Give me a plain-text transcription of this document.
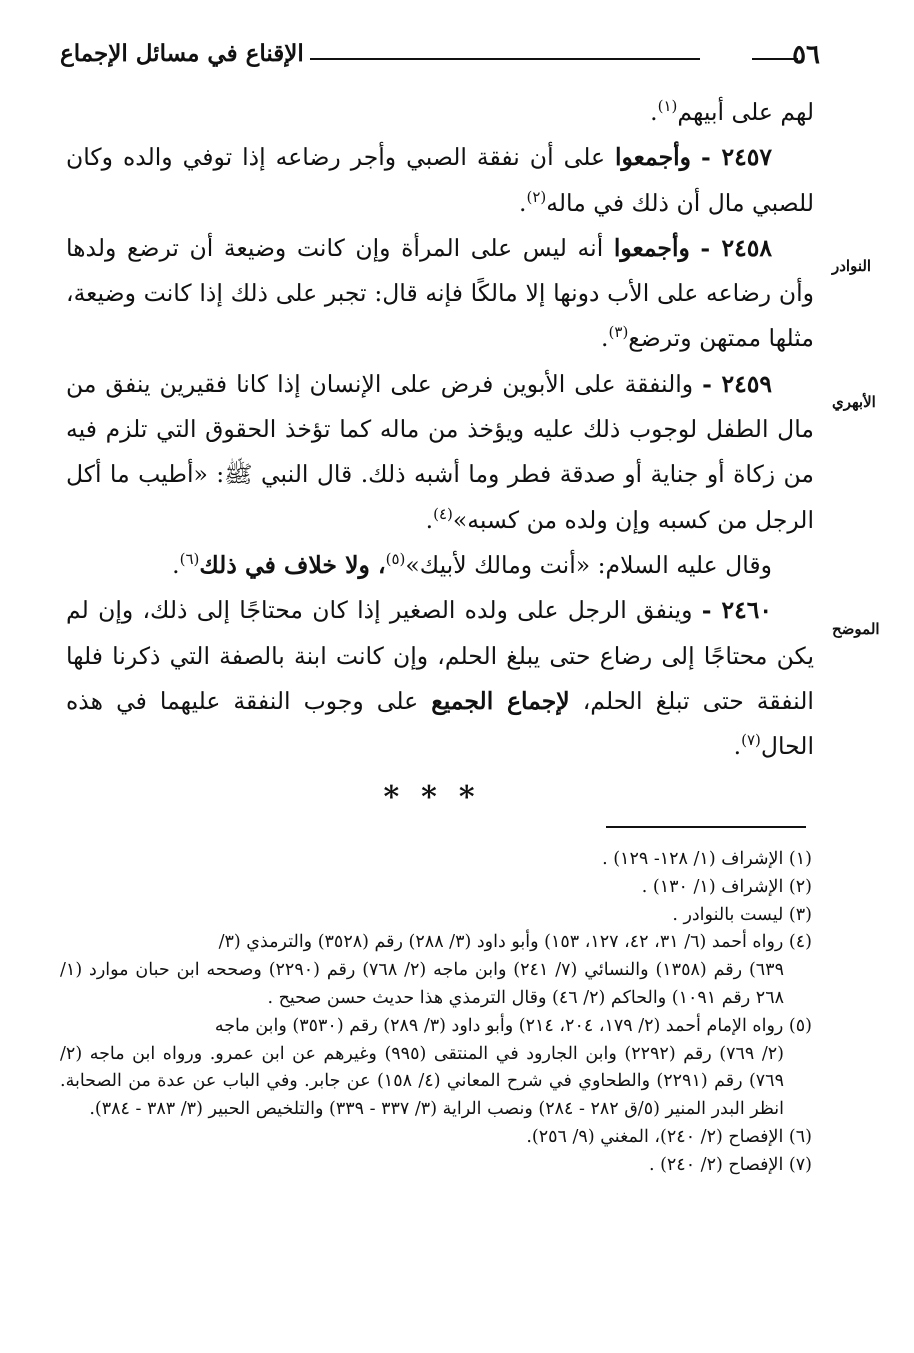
٥٦
الإقناع في مسائل الإجماع
النوادر
الأبهري
الموضح

لهم على أبيهم$^{(١)}$.

٢٤٥٧ - وأجمعوا على أن نفقة الصبي وأجر رضاعه إذا توفي والده وكان للصبي مال أن ذلك في ماله$^{(٢)}$.

٢٤٥٨ - وأجمعوا أنه ليس على المرأة وإن كانت وضيعة أن ترضع ولدها وأن رضاعه على الأب دونها إلا مالكًا فإنه قال: تجبر على ذلك إذا كانت وضيعة، مثلها ممتهن وترضع$^{(٣)}$.

٢٤٥٩ - والنفقة على الأبوين فرض على الإنسان إذا كانا فقيرين ينفق من مال الطفل لوجوب ذلك عليه ويؤخذ من ماله كما تؤخذ الحقوق التي تلزم فيه من زكاة أو جناية أو صدقة فطر وما أشبه ذلك. قال النبي ﷺ: «أطيب ما أكل الرجل من كسبه وإن ولده من كسبه»$^{(٤)}$.

وقال عليه السلام: «أنت ومالك لأبيك»$^{(٥)}$، ولا خلاف في ذلك$^{(٦)}$.

٢٤٦٠ - وينفق الرجل على ولده الصغير إذا كان محتاجًا إلى ذلك، وإن لم يكن محتاجًا إلى رضاع حتى يبلغ الحلم، وإن كانت ابنة بالصفة التي ذكرنا فلها النفقة حتى تبلغ الحلم، لإجماع الجميع على وجوب النفقة عليهما في هذه الحال$^{(٧)}$.

***

(١) الإشراف (١/ ١٢٨- ١٢٩) .

(٢) الإشراف (١/ ١٣٠) .

(٣) ليست بالنوادر .

(٤) رواه أحمد (٦/ ٣١، ٤٢، ١٢٧، ١٥٣) وأبو داود (٣/ ٢٨٨) رقم (٣٥٢٨) والترمذي (٣/

٦٣٩) رقم (١٣٥٨) والنسائي (٧/ ٢٤١) وابن ماجه (٢/ ٧٦٨) رقم (٢٢٩٠) وصححه ابن حبان موارد (١/ ٢٦٨ رقم ١٠٩١) والحاكم (٢/ ٤٦) وقال الترمذي هذا حديث حسن صحيح .

(٥) رواه الإمام أحمد (٢/ ١٧٩، ٢٠٤، ٢١٤) وأبو داود (٣/ ٢٨٩) رقم (٣٥٣٠) وابن ماجه

(٢/ ٧٦٩) رقم (٢٢٩٢) وابن الجارود في المنتقى (٩٩٥) وغيرهم عن ابن عمرو. ورواه ابن ماجه (٢/ ٧٦٩) رقم (٢٢٩١) والطحاوي في شرح المعاني (٤/ ١٥٨) عن جابر. وفي الباب عن عدة من الصحابة. انظر البدر المنير (٥/ق ٢٨٢ - ٢٨٤) ونصب الراية (٣/ ٣٣٧ - ٣٣٩) والتلخيص الحبير (٣/ ٣٨٣ - ٣٨٤).

(٦) الإفصاح (٢/ ٢٤٠)، المغني (٩/ ٢٥٦).

(٧) الإفصاح (٢/ ٢٤٠) .
